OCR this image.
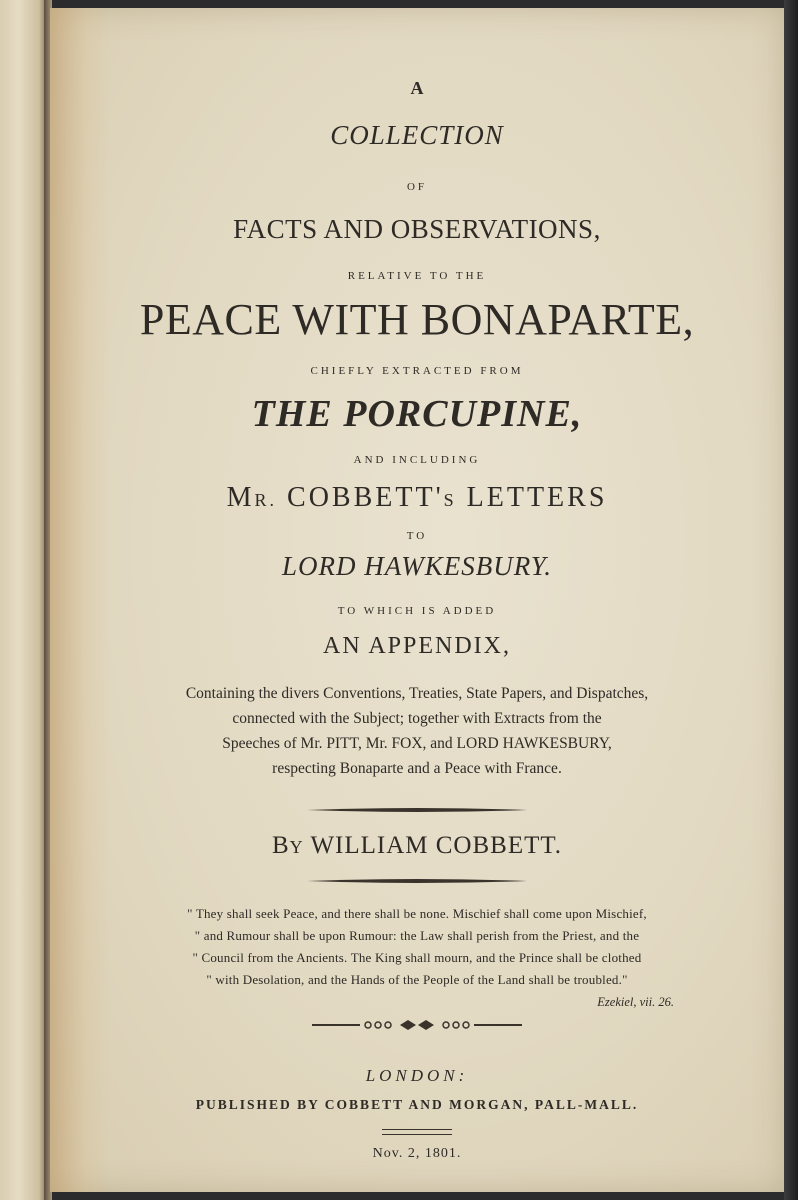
A
COLLECTION
OF
FACTS AND OBSERVATIONS,
RELATIVE TO THE
PEACE WITH BONAPARTE,
CHIEFLY EXTRACTED FROM
THE PORCUPINE,
AND INCLUDING
MR. COBBETT'S LETTERS
TO
LORD HAWKESBURY.
TO WHICH IS ADDED
AN APPENDIX,
Containing the divers Conventions, Treaties, State Papers, and Dispatches,
connected with the Subject; together with Extracts from the
Speeches of Mr. PITT, Mr. FOX, and LORD HAWKESBURY,
respecting Bonaparte and a Peace with France.
BY WILLIAM COBBETT.
" They shall seek Peace, and there shall be none. Mischief shall come upon Mischief,
" and Rumour shall be upon Rumour: the Law shall perish from the Priest, and the
" Council from the Ancients. The King shall mourn, and the Prince shall be clothed
" with Desolation, and the Hands of the People of the Land shall be troubled."
Ezekiel, vii. 26.
LONDON:
PUBLISHED BY COBBETT AND MORGAN, PALL-MALL.
Nov. 2, 1801.
